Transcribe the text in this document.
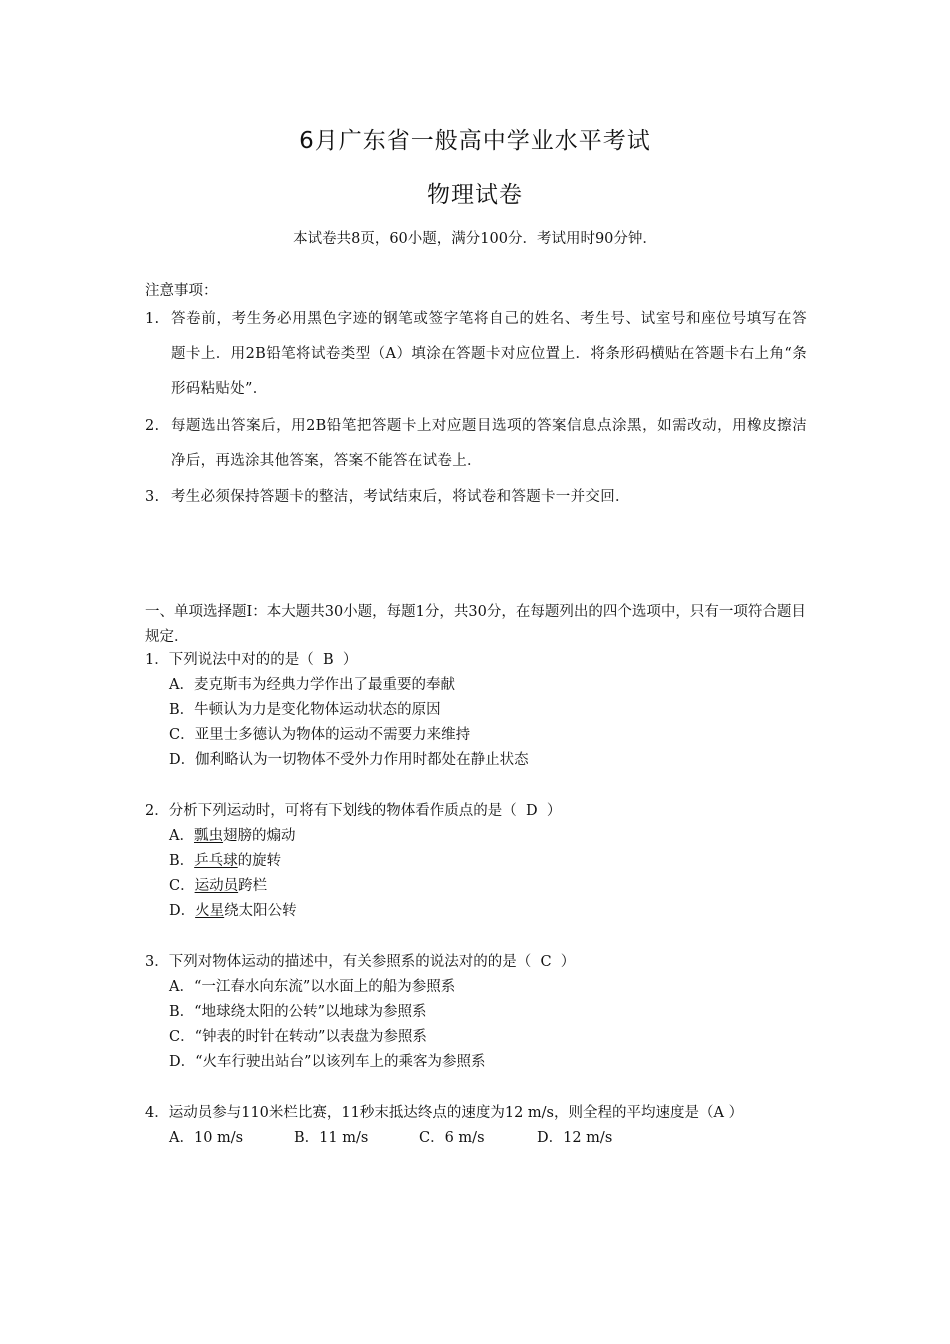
6月广东省一般高中学业水平考试
物理试卷
本试卷共8页，60小题，满分100分．考试用时90分钟．
注意事项：
1. 答卷前，考生务必用黑色字迹的钢笔或签字笔将自己的姓名、考生号、试室号和座位号填写在答题卡上．用2B铅笔将试卷类型（A）填涂在答题卡对应位置上．将条形码横贴在答题卡右上角“条形码粘贴处”．
2. 每题选出答案后，用2B铅笔把答题卡上对应题目选项的答案信息点涂黑，如需改动，用橡皮擦洁净后，再选涂其他答案，答案不能答在试卷上．
3. 考生必须保持答题卡的整洁，考试结束后，将试卷和答题卡一并交回．
一、单项选择题Ⅰ：本大题共30小题，每题1分，共30分，在每题列出的四个选项中，只有一项符合题目规定．
1．下列说法中对的的是（ B ）
A．麦克斯韦为经典力学作出了最重要的奉献
B．牛顿认为力是变化物体运动状态的原因
C．亚里士多德认为物体的运动不需要力来维持
D．伽利略认为一切物体不受外力作用时都处在静止状态
2．分析下列运动时，可将有下划线的物体看作质点的是（ D ）
A．瓢虫翅膀的煽动
B．乒乓球的旋转
C．运动员跨栏
D．火星绕太阳公转
3．下列对物体运动的描述中，有关参照系的说法对的的是（ C ）
A．“一江春水向东流”以水面上的船为参照系
B．“地球绕太阳的公转”以地球为参照系
C．“钟表的时针在转动”以表盘为参照系
D．“火车行驶出站台”以该列车上的乘客为参照系
4．运动员参与110米栏比赛，11秒末抵达终点的速度为12 m/s，则全程的平均速度是（A ）
A．10 m/s	B．11 m/s	C．6 m/s	D．12 m/s
